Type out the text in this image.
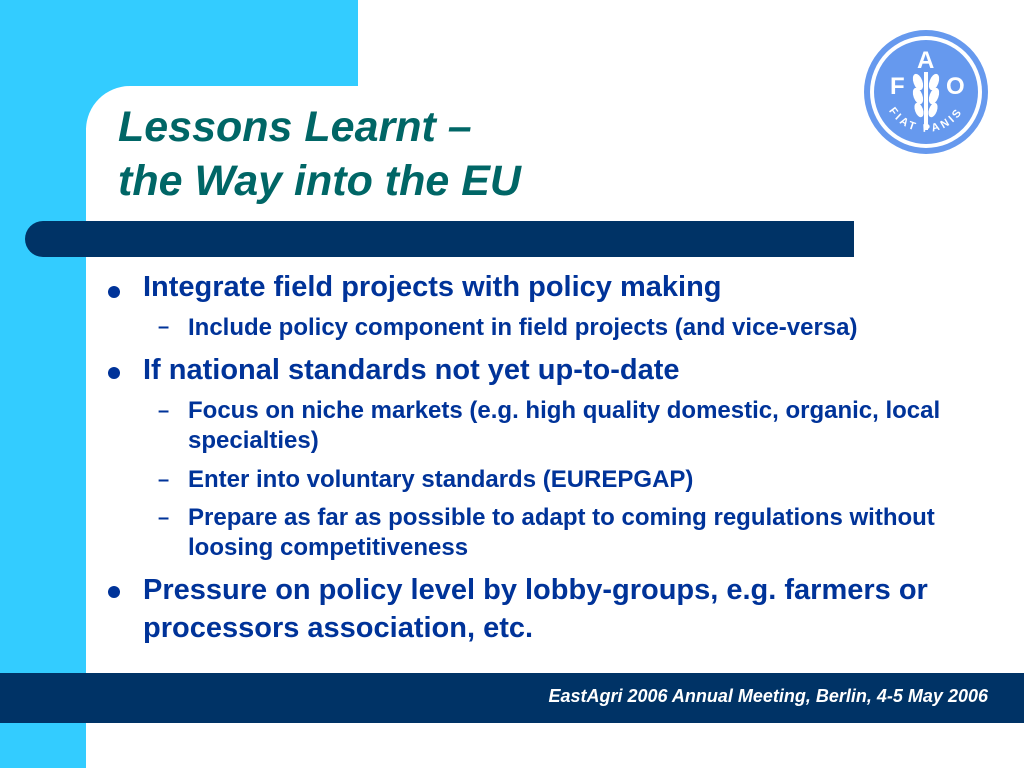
Lessons Learnt –
the Way into the EU
F
A
O
FIAT PANIS
Integrate field projects with policy making
– Include policy component in field projects (and vice-versa)
If national standards not yet up-to-date
– Focus on niche markets (e.g. high quality domestic, organic, local specialties)
– Enter into voluntary standards (EUREPGAP)
– Prepare as far as possible to adapt to coming regulations without loosing competitiveness
Pressure on policy level by lobby-groups, e.g. farmers or processors association, etc.
EastAgri 2006 Annual Meeting, Berlin, 4-5 May 2006
